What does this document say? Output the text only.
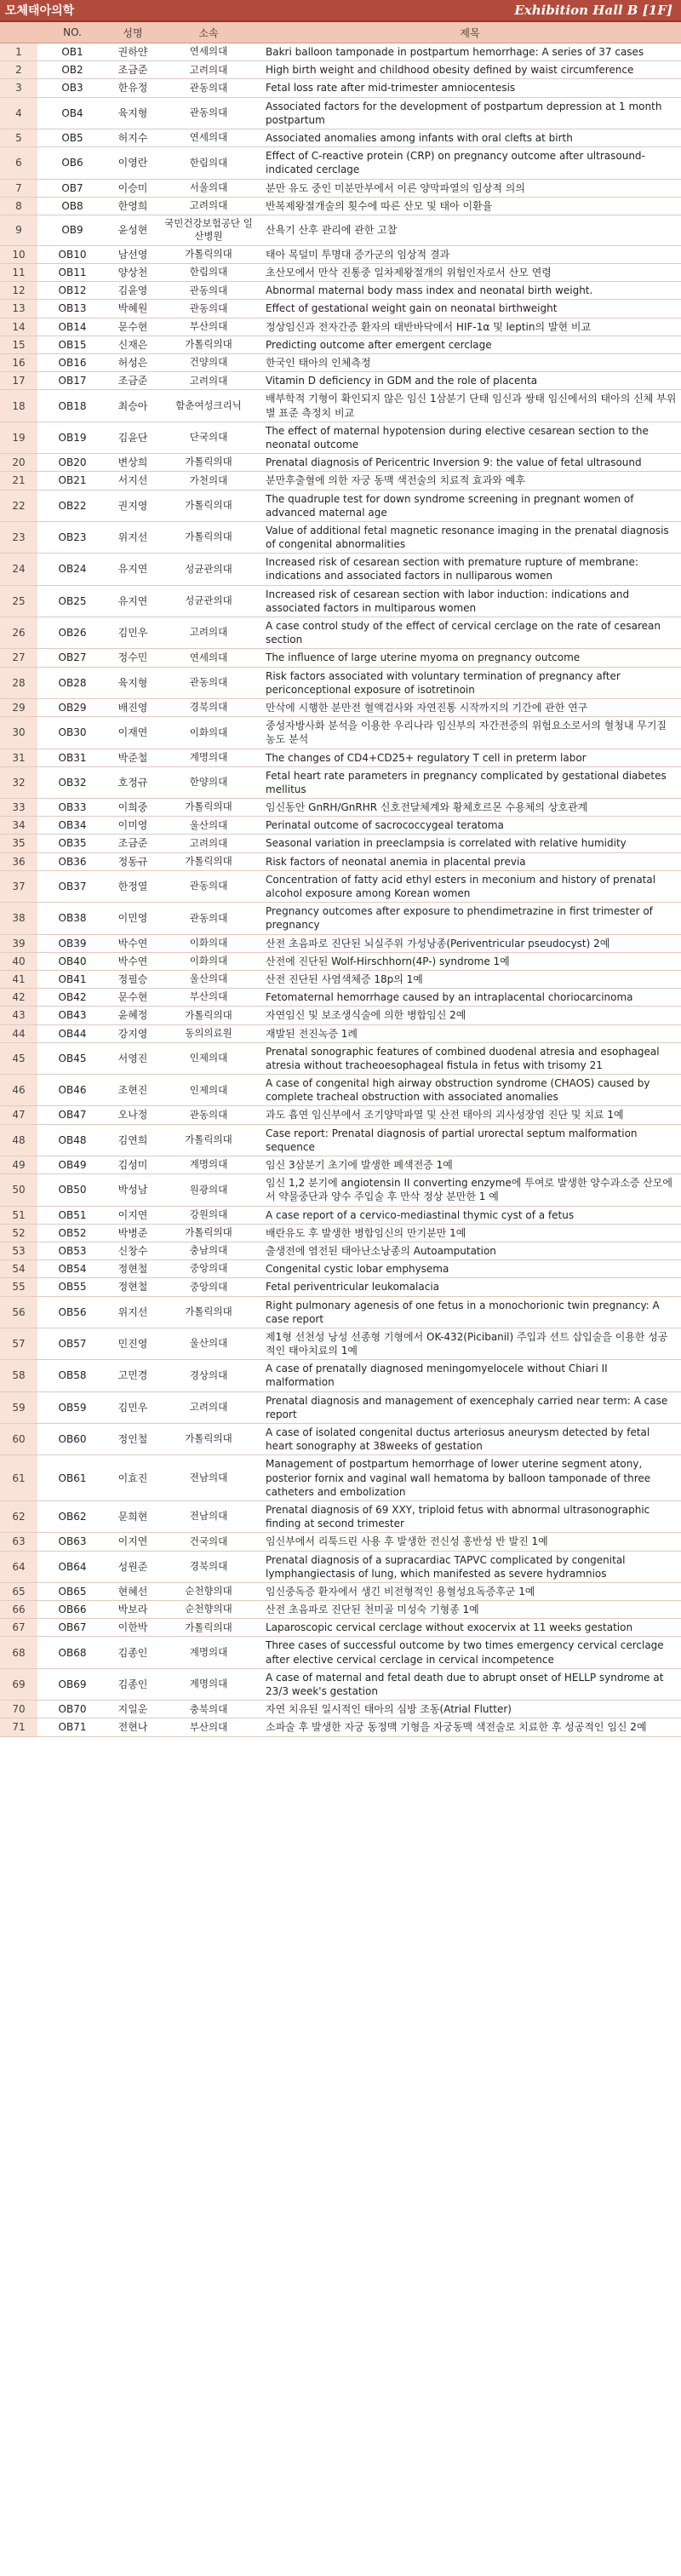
모체태아의학	Exhibition Hall B [1F]
	NO.	성명	소속	제목
1	OB1	권하얀	연세의대	Bakri balloon tamponade in postpartum hemorrhage: A series of 37 cases
2	OB2	조금준	고려의대	High birth weight and childhood obesity defined by waist circumference
3	OB3	한유정	관동의대	Fetal loss rate after mid-trimester amniocentesis
4	OB4	육지형	관동의대	Associated factors for the development of postpartum depression at 1 month postpartum
5	OB5	허지수	연세의대	Associated anomalies among infants with oral clefts at birth
6	OB6	이영란	한림의대	Effect of C-reactive protein (CRP) on pregnancy outcome after ultrasound-indicated cerclage
7	OB7	이승미	서울의대	분만 유도 중인 미분만부에서 이른 양막파열의 임상적 의의
8	OB8	한영희	고려의대	반복제왕절개술의 횟수에 따른 산모 및 태아 이환율
9	OB9	윤성현	국민건강보험공단 일산병원	산욕기 산후 관리에 관한 고찰
10	OB10	남선영	가톨릭의대	태아 목덜미 투명대 증가군의 임상적 결과
11	OB11	양상천	한림의대	초산모에서 만삭 진통중 일차제왕절개의 위험인자로서 산모 연령
12	OB12	김윤영	관동의대	Abnormal maternal body mass index and neonatal birth weight.
13	OB13	박혜원	관동의대	Effect of gestational weight gain on neonatal birthweight
14	OB14	문수현	부산의대	정상임신과 전자간증 환자의 태반바닥에서 HIF-1α 및 leptin의 발현 비교
15	OB15	신재은	가톨릭의대	Predicting outcome after emergent cerclage
16	OB16	허성은	건양의대	한국인 태아의 인체측정
17	OB17	조금준	고려의대	Vitamin D deficiency in GDM and the role of placenta
18	OB18	최승아	함춘여성크리닉	배부학적 기형이 확인되지 않은 임신 1삼분기 단태 임신과 쌍태 임신에서의 태아의 신체 부위별 표준 측정치 비교
19	OB19	김윤단	단국의대	The effect of maternal hypotension during elective cesarean section to the neonatal outcome
20	OB20	변상희	가톨릭의대	Prenatal diagnosis of Pericentric Inversion 9: the value of fetal ultrasound
21	OB21	서지선	가천의대	분만후출혈에 의한 자궁 동맥 색전술의 치료적 효과와 예후
22	OB22	권지영	가톨릭의대	The quadruple test for down syndrome screening in pregnant women of advanced maternal age
23	OB23	위지선	가톨릭의대	Value of additional fetal magnetic resonance imaging in the prenatal diagnosis of congenital abnormalities
24	OB24	유지연	성균관의대	Increased risk of cesarean section with premature rupture of membrane: indications and associated factors in nulliparous women
25	OB25	유지연	성균관의대	Increased risk of cesarean section with labor induction: indications and associated factors in multiparous women
26	OB26	김민우	고려의대	A case control study of the effect of cervical cerclage on the rate of cesarean section
27	OB27	정수민	연세의대	The influence of large uterine myoma on pregnancy outcome
28	OB28	육지형	관동의대	Risk factors associated with voluntary termination of pregnancy after periconceptional exposure of isotretinoin
29	OB29	배진영	경북의대	만삭에 시행한 분만전 혈액검사와 자연진통 시작까지의 기간에 관한 연구
30	OB30	이재연	이화의대	중성자방사화 분석을 이용한 우리나라 임신부의 자간전증의 위험요소로서의 혈청내 무기질 농도 분석
31	OB31	박준철	계명의대	The changes of CD4+CD25+ regulatory T cell in preterm labor
32	OB32	호정규	한양의대	Fetal heart rate parameters in pregnancy complicated by gestational diabetes mellitus
33	OB33	이희중	가톨릭의대	임신동안 GnRH/GnRHR 신호전달체계와 황체호르몬 수용체의 상호관계
34	OB34	이미영	울산의대	Perinatal outcome of sacrococcygeal teratoma
35	OB35	조금준	고려의대	Seasonal variation in preeclampsia is correlated with relative humidity
36	OB36	정동규	가톨릭의대	Risk factors of neonatal anemia in placental previa
37	OB37	한정열	관동의대	Concentration of fatty acid ethyl esters in meconium and history of prenatal alcohol exposure among Korean women
38	OB38	이민영	관동의대	Pregnancy outcomes after exposure to phendimetrazine in first trimester of pregnancy
39	OB39	박수연	이화의대	산전 초음파로 진단된 뇌실주위 가성낭종(Periventricular pseudocyst) 2예
40	OB40	박수연	이화의대	산전에 진단된 Wolf-Hirschhorn(4P-) syndrome 1예
41	OB41	정필승	울산의대	산전 진단된 사염색체증 18p의 1예
42	OB42	문수현	부산의대	Fetomaternal hemorrhage caused by an intraplacental choriocarcinoma
43	OB43	윤혜정	가톨릭의대	자연임신 및 보조생식술에 의한 병합임신 2예
44	OB44	강지영	동의의료원	재발된 전진녹증 1례
45	OB45	서영진	인제의대	Prenatal sonographic features of combined duodenal atresia and esophageal atresia without tracheoesophageal fistula in fetus with trisomy 21
46	OB46	조현진	인제의대	A case of congenital high airway obstruction syndrome (CHAOS) caused by complete tracheal obstruction with associated anomalies
47	OB47	오나정	관동의대	과도 흡연 임신부에서 조기양막파열 및 산전 태아의 괴사성장염 진단 및 치료 1예
48	OB48	김연희	가톨릭의대	Case report: Prenatal diagnosis of partial urorectal septum malformation sequence
49	OB49	김성미	계명의대	임신 3삼분기 초기에 발생한 폐색전증 1예
50	OB50	박성남	원광의대	임신 1,2 분기에 angiotensin II converting enzyme에 투여로 발생한 양수과소증 산모에서 약물중단과 양수 주입술 후 만삭 정상 분만한 1 예
51	OB51	이지연	강원의대	A case report of a cervico-mediastinal thymic cyst of a fetus
52	OB52	박병준	가톨릭의대	배란유도 후 발생한 병합임신의 만기분만 1예
53	OB53	신창수	충남의대	출생전에 염전된 태아난소낭종의 Autoamputation
54	OB54	정현철	중앙의대	Congenital cystic lobar emphysema
55	OB55	정현철	중앙의대	Fetal periventricular leukomalacia
56	OB56	위지선	가톨릭의대	Right pulmonary agenesis of one fetus in a monochorionic twin pregnancy: A case report
57	OB57	민진영	울산의대	제1형 선천성 낭성 선종형 기형에서 OK-432(Picibanil) 주입과 션트 삽입술을 이용한 성공적인 태아치료의 1예
58	OB58	고민경	경상의대	A case of prenatally diagnosed meningomyelocele without Chiari II malformation
59	OB59	김민우	고려의대	Prenatal diagnosis and management of exencephaly carried near term: A case report
60	OB60	정인철	가톨릭의대	A case of isolated congenital ductus arteriosus aneurysm detected by fetal heart sonography at 38weeks of gestation
61	OB61	이효진	전남의대	Management of postpartum hemorrhage of lower uterine segment atony, posterior fornix and vaginal wall hematoma by balloon tamponade of three catheters and embolization
62	OB62	문희현	전남의대	Prenatal diagnosis of 69 XXY, triploid fetus with abnormal ultrasonographic finding at second trimester
63	OB63	이지연	건국의대	임신부에서 리툭드린 사용 후 발생한 전신성 홍반성 반 발진 1예
64	OB64	성원준	경북의대	Prenatal diagnosis of a supracardiac TAPVC complicated by congenital lymphangiectasis of lung, which manifested as severe hydramnios
65	OB65	현혜선	순천향의대	임신중독증 환자에서 생긴 비전형적인 용혈성요독증후군 1예
66	OB66	박보라	순천향의대	산전 초음파로 진단된 천미골 미성숙 기형종 1예
67	OB67	이한박	가톨릭의대	Laparoscopic cervical cerclage without exocervix at 11 weeks gestation
68	OB68	김종인	계명의대	Three cases of successful outcome by two times emergency cervical cerclage after elective cervical cerclage in cervical incompetence
69	OB69	김종인	계명의대	A case of maternal and fetal death due to abrupt onset of HELLP syndrome at 23/3 week's gestation
70	OB70	지일운	충북의대	자연 치유된 일시적인 태아의 심방 조동(Atrial Flutter)
71	OB71	전현나	부산의대	소파술 후 발생한 자궁 동정맥 기형을 자궁동맥 색전술로 치료한 후 성공적인 임신 2예
